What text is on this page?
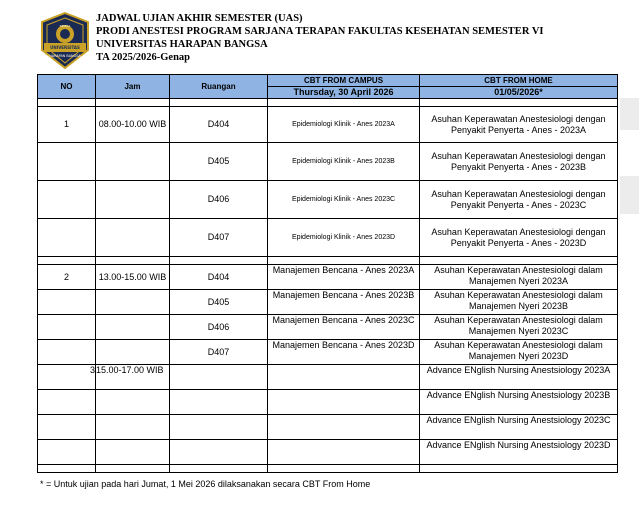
SEMUA
UNIVERSITAS
HARAPAN BANGSA
JADWAL UJIAN AKHIR SEMESTER (UAS)
PRODI ANESTESI PROGRAM SARJANA TERAPAN FAKULTAS KESEHATAN SEMESTER VI
UNIVERSITAS HARAPAN BANGSA
TA 2025/2026-Genap
NO	Jam	Ruangan	CBT FROM CAMPUS	CBT FROM HOME
			Thursday, 30 April 2026	01/05/2026*

1	08.00-10.00 WIB	D404	Epidemiologi Klinik - Anes 2023A	Asuhan Keperawatan Anestesiologi dengan Penyakit Penyerta - Anes - 2023A
		D405	Epidemiologi Klinik - Anes 2023B	Asuhan Keperawatan Anestesiologi dengan Penyakit Penyerta - Anes - 2023B
		D406	Epidemiologi Klinik - Anes 2023C	Asuhan Keperawatan Anestesiologi dengan Penyakit Penyerta - Anes - 2023C
		D407	Epidemiologi Klinik - Anes 2023D	Asuhan Keperawatan Anestesiologi dengan Penyakit Penyerta - Anes - 2023D

2	13.00-15.00 WIB	D404	Manajemen Bencana - Anes 2023A	Asuhan Keperawatan Anestesiologi dalam Manajemen Nyeri 2023A
		D405	Manajemen Bencana - Anes 2023B	Asuhan Keperawatan Anestesiologi dalam Manajemen Nyeri 2023B
		D406	Manajemen Bencana - Anes 2023C	Asuhan Keperawatan Anestesiologi dalam Manajemen Nyeri 2023C
		D407	Manajemen Bencana - Anes 2023D	Asuhan Keperawatan Anestesiologi dalam Manajemen Nyeri 2023D
3	15.00-17.00 WIB			Advance ENglish Nursing Anestsiology 2023A
				Advance ENglish Nursing Anestsiology 2023B
				Advance ENglish Nursing Anestsiology 2023C
				Advance ENglish Nursing Anestsiology 2023D

* = Untuk ujian pada hari Jumat, 1 Mei 2026 dilaksanakan secara CBT From Home
